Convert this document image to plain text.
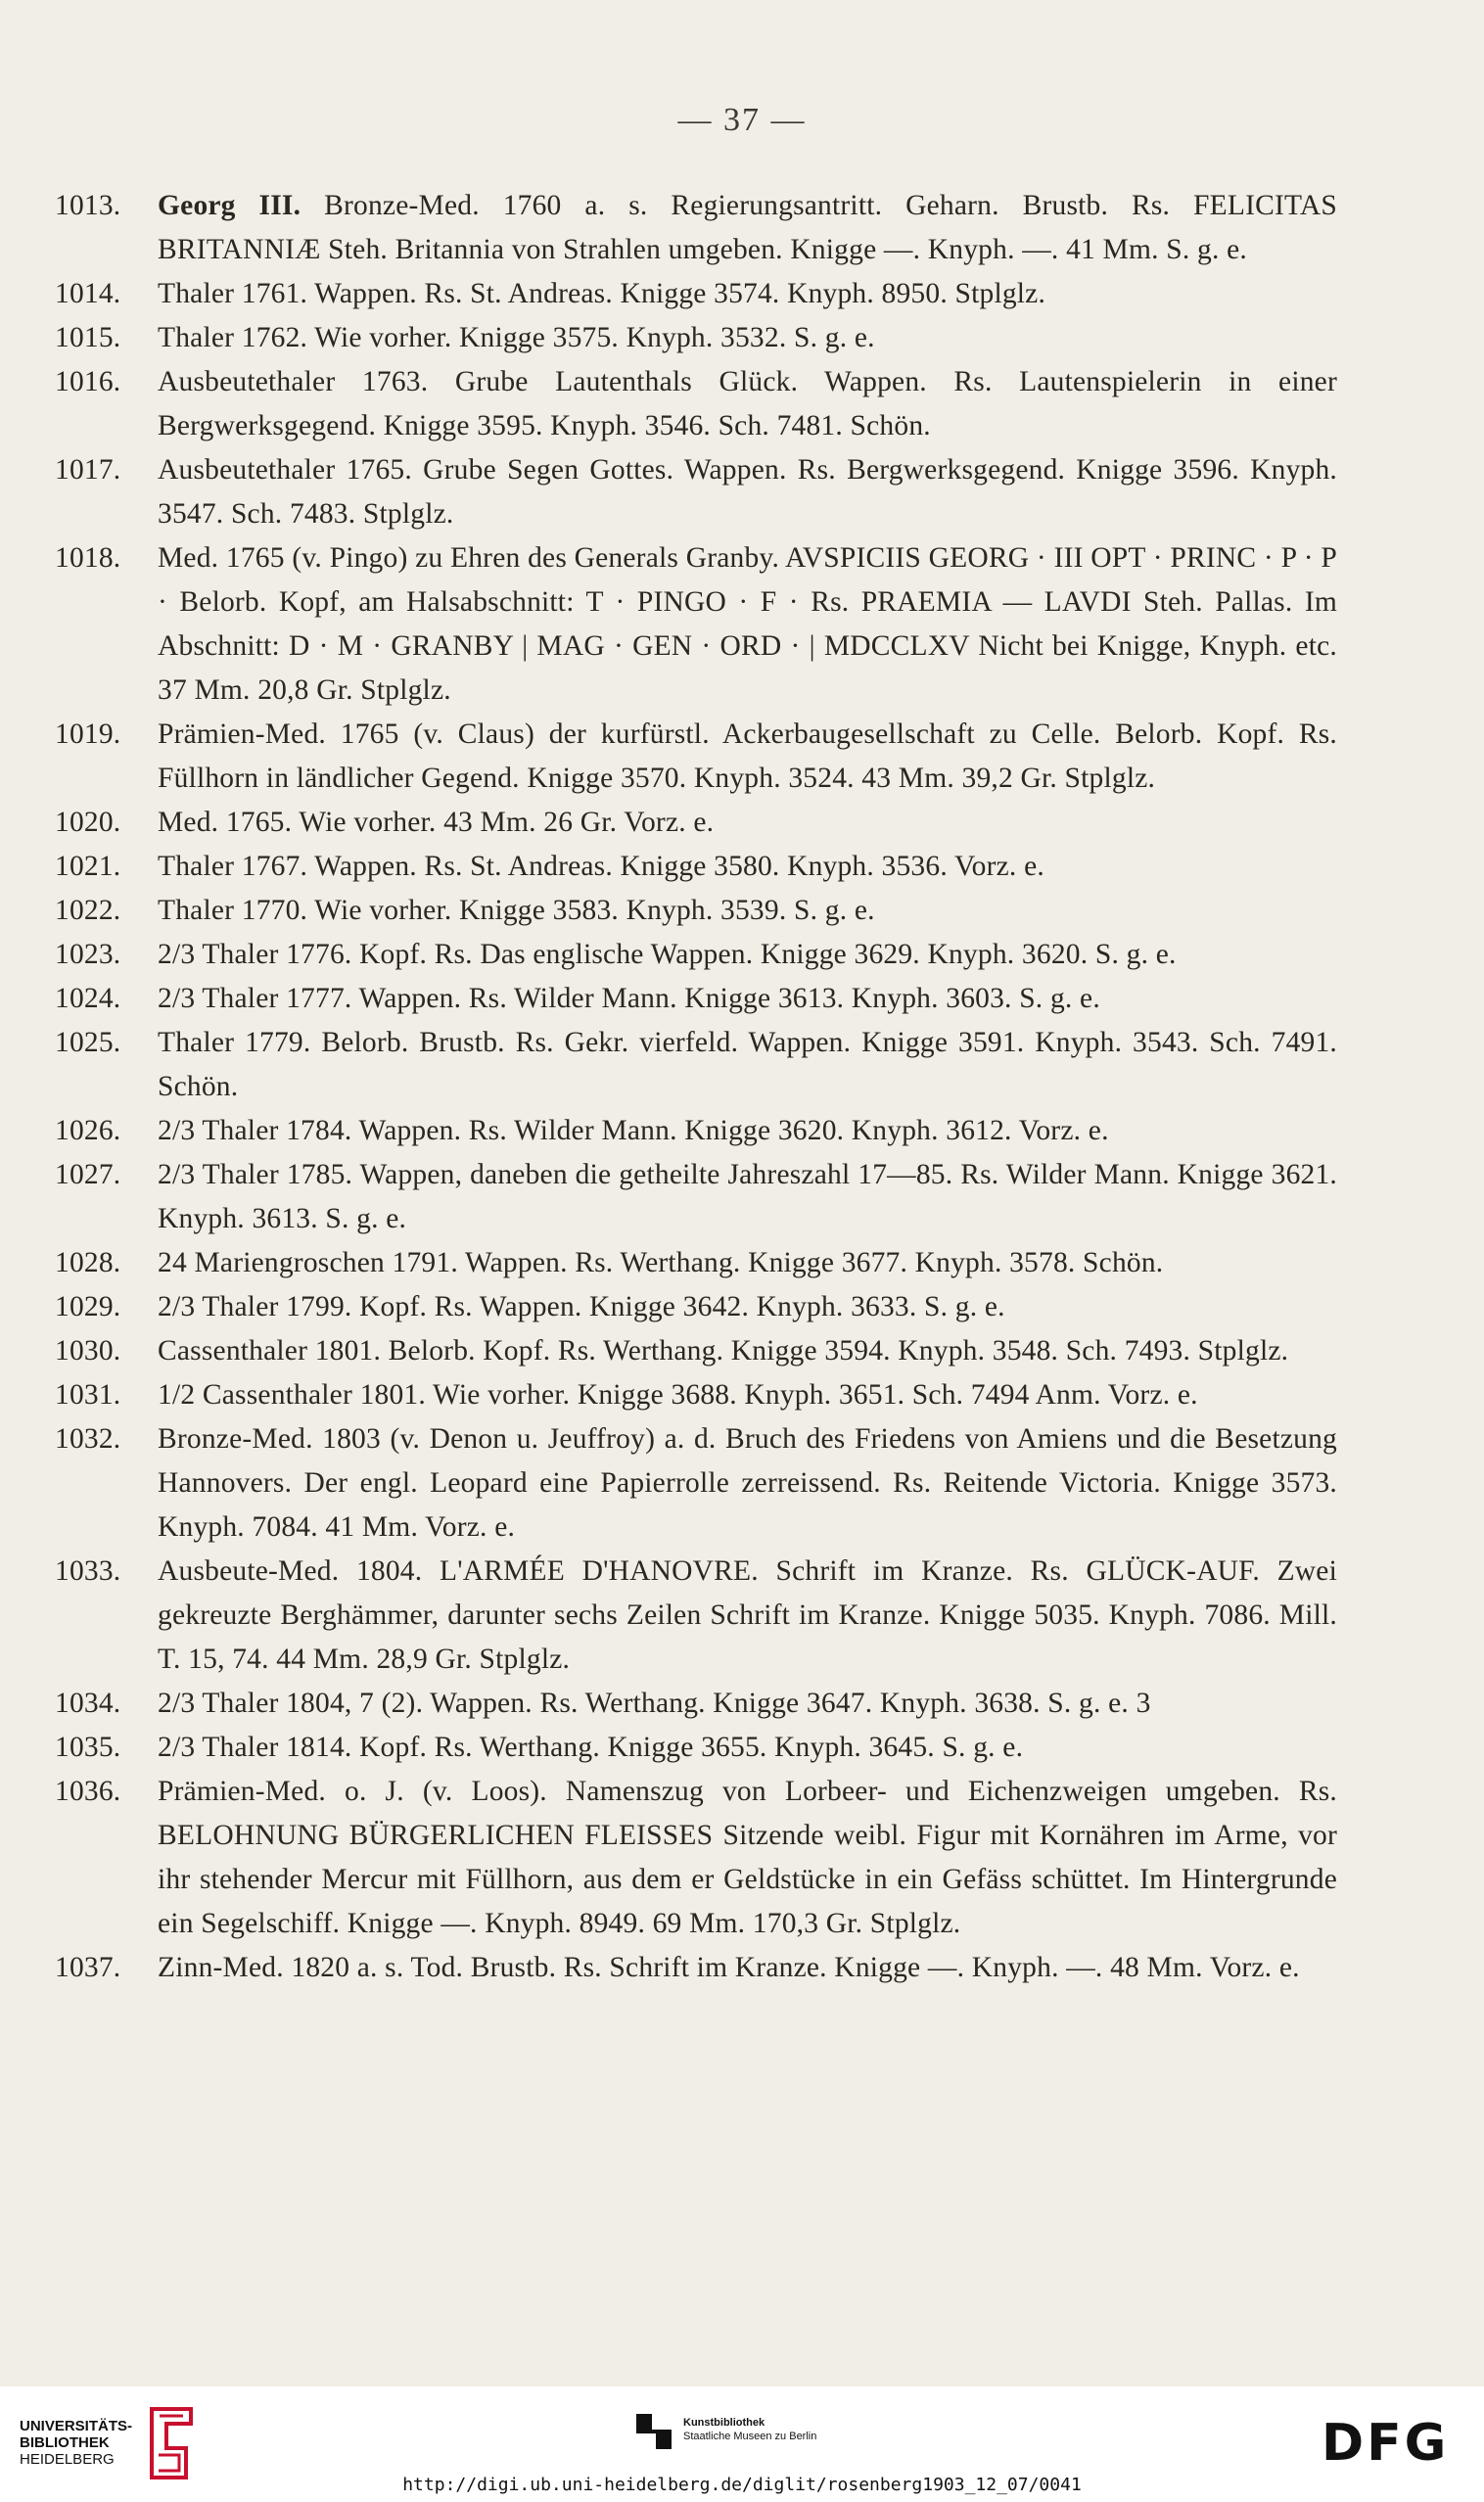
— 37 —
1013. Georg III. Bronze-Med. 1760 a. s. Regierungsantritt. Geharn. Brustb. Rs. FELICITAS BRITANNIÆ Steh. Britannia von Strahlen umgeben. Knigge —. Knyph. —. 41 Mm. S. g. e.
1014. Thaler 1761. Wappen. Rs. St. Andreas. Knigge 3574. Knyph. 8950. Stplglz.
1015. Thaler 1762. Wie vorher. Knigge 3575. Knyph. 3532. S. g. e.
1016. Ausbeutethaler 1763. Grube Lautenthals Glück. Wappen. Rs. Lautenspielerin in einer Bergwerksgegend. Knigge 3595. Knyph. 3546. Sch. 7481. Schön.
1017. Ausbeutethaler 1765. Grube Segen Gottes. Wappen. Rs. Bergwerksgegend. Knigge 3596. Knyph. 3547. Sch. 7483. Stplglz.
1018. Med. 1765 (v. Pingo) zu Ehren des Generals Granby. AVSPICIIS GEORG · III OPT · PRINC · P · P · Belorb. Kopf, am Halsabschnitt: T · PINGO · F · Rs. PRAEMIA — LAVDI Steh. Pallas. Im Abschnitt: D · M · GRANBY | MAG · GEN · ORD · | MDCCLXV Nicht bei Knigge, Knyph. etc. 37 Mm. 20,8 Gr. Stplglz.
1019. Prämien-Med. 1765 (v. Claus) der kurfürstl. Ackerbaugesellschaft zu Celle. Belorb. Kopf. Rs. Füllhorn in ländlicher Gegend. Knigge 3570. Knyph. 3524. 43 Mm. 39,2 Gr. Stplglz.
1020. Med. 1765. Wie vorher. 43 Mm. 26 Gr. Vorz. e.
1021. Thaler 1767. Wappen. Rs. St. Andreas. Knigge 3580. Knyph. 3536. Vorz. e.
1022. Thaler 1770. Wie vorher. Knigge 3583. Knyph. 3539. S. g. e.
1023. 2/3 Thaler 1776. Kopf. Rs. Das englische Wappen. Knigge 3629. Knyph. 3620. S. g. e.
1024. 2/3 Thaler 1777. Wappen. Rs. Wilder Mann. Knigge 3613. Knyph. 3603. S. g. e.
1025. Thaler 1779. Belorb. Brustb. Rs. Gekr. vierfeld. Wappen. Knigge 3591. Knyph. 3543. Sch. 7491. Schön.
1026. 2/3 Thaler 1784. Wappen. Rs. Wilder Mann. Knigge 3620. Knyph. 3612. Vorz. e.
1027. 2/3 Thaler 1785. Wappen, daneben die getheilte Jahreszahl 17—85. Rs. Wilder Mann. Knigge 3621. Knyph. 3613. S. g. e.
1028. 24 Mariengroschen 1791. Wappen. Rs. Werthang. Knigge 3677. Knyph. 3578. Schön.
1029. 2/3 Thaler 1799. Kopf. Rs. Wappen. Knigge 3642. Knyph. 3633. S. g. e.
1030. Cassenthaler 1801. Belorb. Kopf. Rs. Werthang. Knigge 3594. Knyph. 3548. Sch. 7493. Stplglz.
1031. 1/2 Cassenthaler 1801. Wie vorher. Knigge 3688. Knyph. 3651. Sch. 7494 Anm. Vorz. e.
1032. Bronze-Med. 1803 (v. Denon u. Jeuffroy) a. d. Bruch des Friedens von Amiens und die Besetzung Hannovers. Der engl. Leopard eine Papierrolle zerreissend. Rs. Reitende Victoria. Knigge 3573. Knyph. 7084. 41 Mm. Vorz. e.
1033. Ausbeute-Med. 1804. L'ARMÉE D'HANOVRE. Schrift im Kranze. Rs. GLÜCK-AUF. Zwei gekreuzte Berghämmer, darunter sechs Zeilen Schrift im Kranze. Knigge 5035. Knyph. 7086. Mill. T. 15, 74. 44 Mm. 28,9 Gr. Stplglz.
1034. 2/3 Thaler 1804, 7 (2). Wappen. Rs. Werthang. Knigge 3647. Knyph. 3638. S. g. e. 3
1035. 2/3 Thaler 1814. Kopf. Rs. Werthang. Knigge 3655. Knyph. 3645. S. g. e.
1036. Prämien-Med. o. J. (v. Loos). Namenszug von Lorbeer- und Eichenzweigen umgeben. Rs. BELOHNUNG BÜRGERLICHEN FLEISSES Sitzende weibl. Figur mit Kornähren im Arme, vor ihr stehender Mercur mit Füllhorn, aus dem er Geldstücke in ein Gefäss schüttet. Im Hintergrunde ein Segelschiff. Knigge —. Knyph. 8949. 69 Mm. 170,3 Gr. Stplglz.
1037. Zinn-Med. 1820 a. s. Tod. Brustb. Rs. Schrift im Kranze. Knigge —. Knyph. —. 48 Mm. Vorz. e.
UNIVERSITÄTS-
BIBLIOTHEK
HEIDELBERG
Kunstbibliothek
Staatliche Museen zu Berlin	DFG
http://digi.ub.uni-heidelberg.de/diglit/rosenberg1903_12_07/0041
